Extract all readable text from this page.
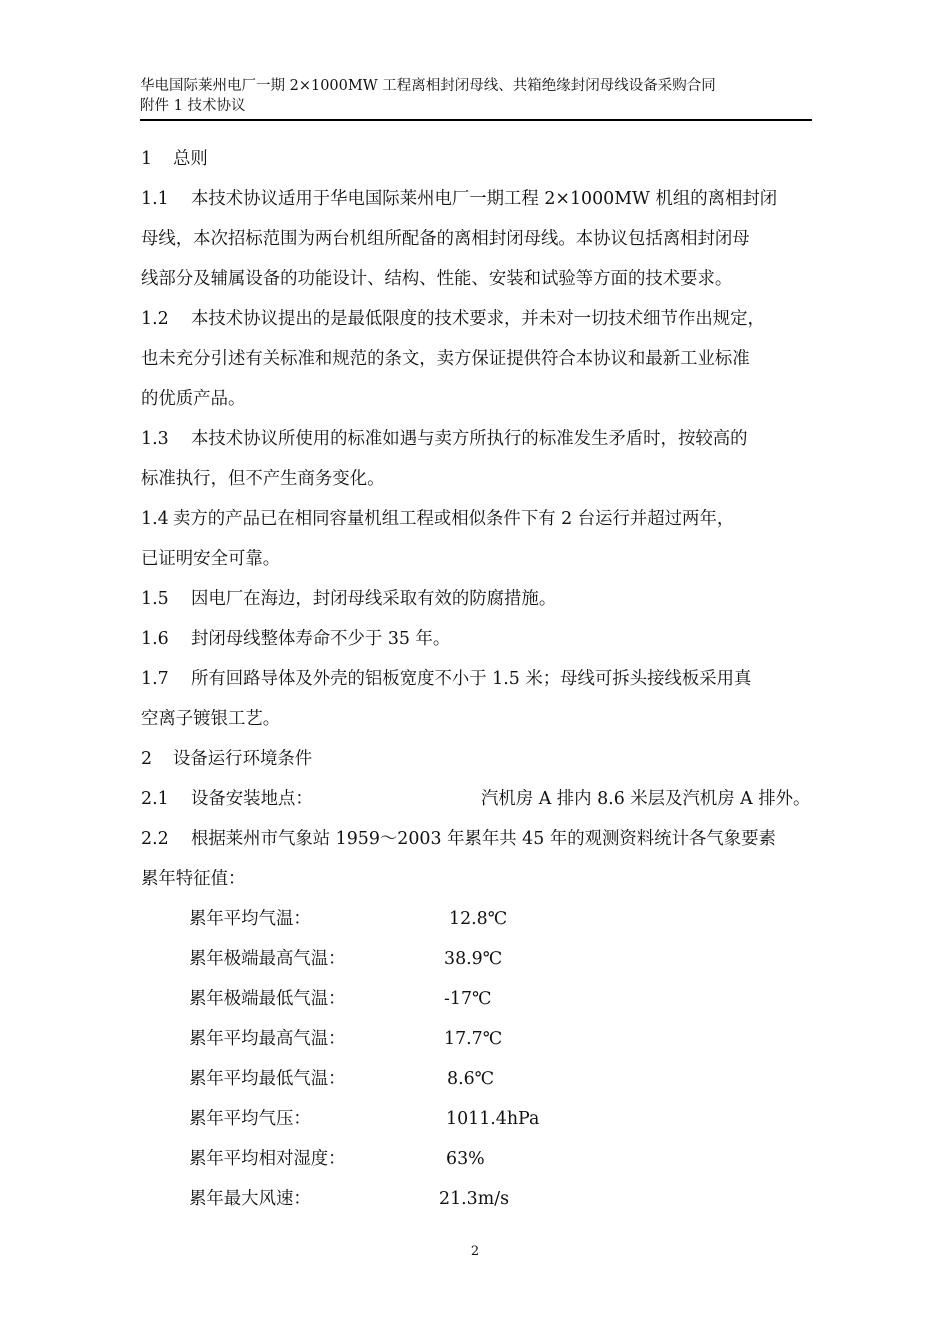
华电国际莱州电厂一期 2×1000MW 工程离相封闭母线、共箱绝缘封闭母线设备采购合同
附件 1 技术协议

1 总则

1.1 本技术协议适用于华电国际莱州电厂一期工程 2×1000MW 机组的离相封闭

母线，本次招标范围为两台机组所配备的离相封闭母线。本协议包括离相封闭母

线部分及辅属设备的功能设计、结构、性能、安装和试验等方面的技术要求。

1.2 本技术协议提出的是最低限度的技术要求，并未对一切技术细节作出规定，

也未充分引述有关标准和规范的条文，卖方保证提供符合本协议和最新工业标准

的优质产品。

1.3 本技术协议所使用的标准如遇与卖方所执行的标准发生矛盾时，按较高的

标准执行，但不产生商务变化。

1.4 卖方的产品已在相同容量机组工程或相似条件下有 2 台运行并超过两年，

已证明安全可靠。

1.5 因电厂在海边，封闭母线采取有效的防腐措施。

1.6 封闭母线整体寿命不少于 35 年。

1.7 所有回路导体及外壳的铝板宽度不小于 1.5 米；母线可拆头接线板采用真

空离子镀银工艺。

2 设备运行环境条件

2.1 设备安装地点：	汽机房 A 排内 8.6 米层及汽机房 A 排外。

2.2 根据莱州市气象站 1959～2003 年累年共 45 年的观测资料统计各气象要素

累年特征值：

累年平均气温：	12.8℃
累年极端最高气温：	38.9℃
累年极端最低气温：	-17℃
累年平均最高气温：	17.7℃
累年平均最低气温：	8.6℃
累年平均气压：	1011.4hPa
累年平均相对湿度：	63%
累年最大风速：	21.3m/s
2
